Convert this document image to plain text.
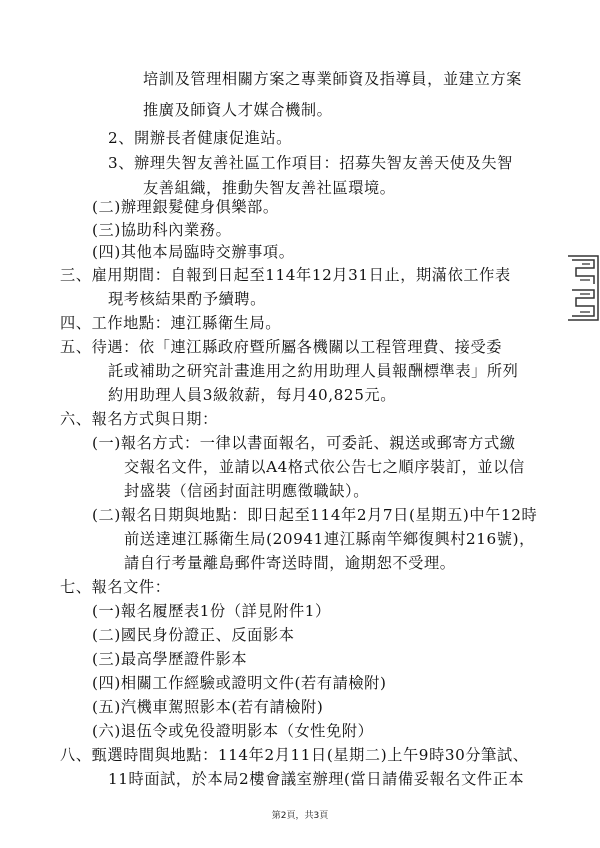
培訓及管理相關方案之專業師資及指導員，並建立方案
推廣及師資人才媒合機制。
2、開辦長者健康促進站。
3、辦理失智友善社區工作項目：招募失智友善天使及失智
友善組織，推動失智友善社區環境。
(二)辦理銀髮健身俱樂部。
(三)協助科內業務。
(四)其他本局臨時交辦事項。
三、雇用期間：自報到日起至114年12月31日止，期滿依工作表
現考核結果酌予續聘。
四、工作地點：連江縣衛生局。
五、待遇：依「連江縣政府暨所屬各機關以工程管理費、接受委
託或補助之研究計畫進用之約用助理人員報酬標準表」所列
約用助理人員3級敘薪，每月40,825元。
六、報名方式與日期：
(一)報名方式：一律以書面報名，可委託、親送或郵寄方式繳
交報名文件，並請以A4格式依公告七之順序裝訂，並以信
封盛裝（信函封面註明應徵職缺）。
(二)報名日期與地點：即日起至114年2月7日(星期五)中午12時
前送達連江縣衛生局(20941連江縣南竿鄉復興村216號)，
請自行考量離島郵件寄送時間，逾期恕不受理。
七、報名文件：
(一)報名履歷表1份（詳見附件1）
(二)國民身份證正、反面影本
(三)最高學歷證件影本
(四)相關工作經驗或證明文件(若有請檢附)
(五)汽機車駕照影本(若有請檢附)
(六)退伍令或免役證明影本（女性免附）
八、甄選時間與地點：114年2月11日(星期二)上午9時30分筆試、
11時面試，於本局2樓會議室辦理(當日請備妥報名文件正本
第2頁，共3頁
